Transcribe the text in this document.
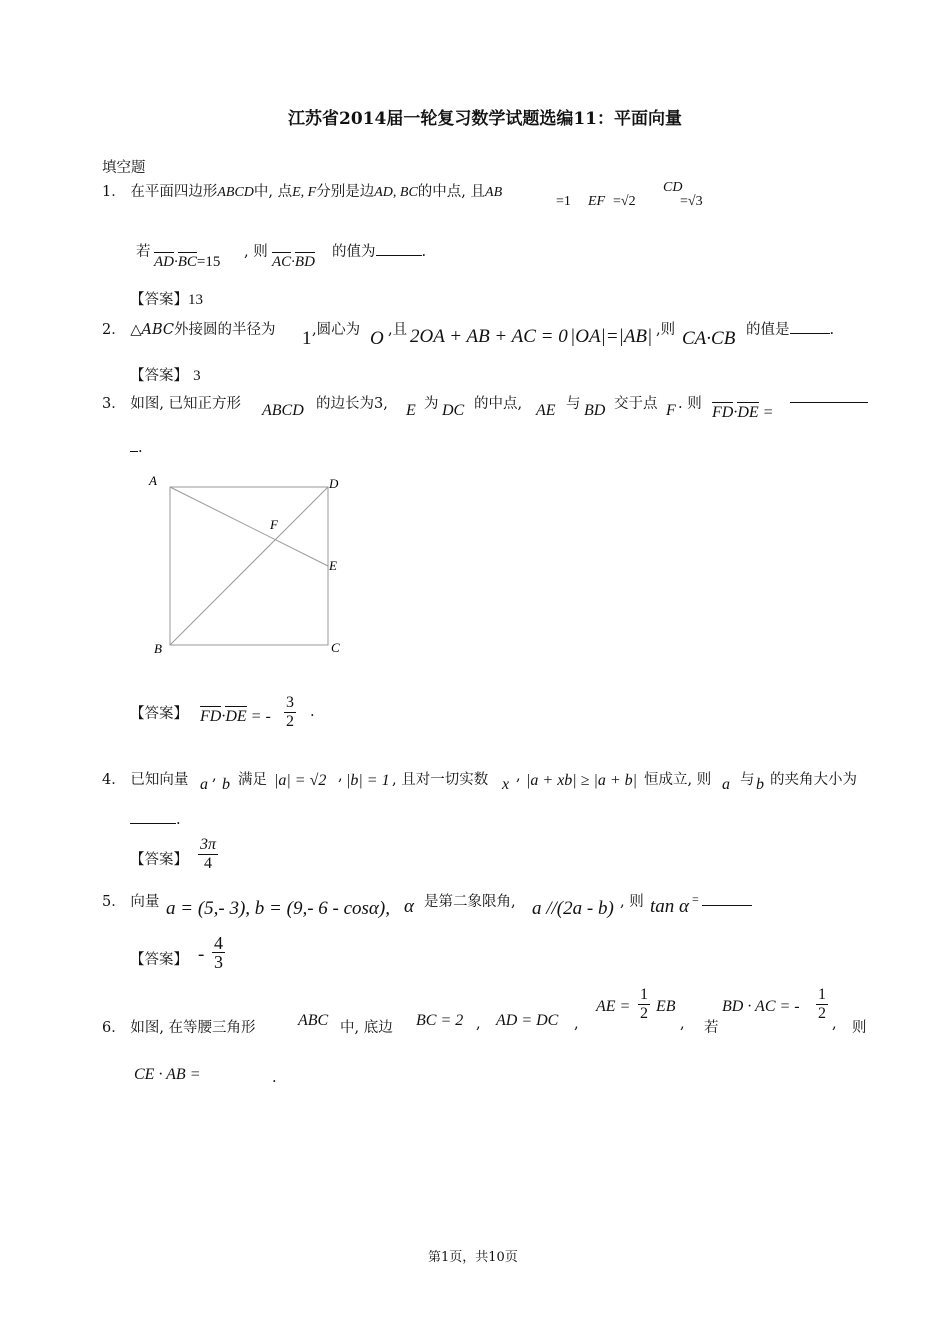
江苏省2014届一轮复习数学试题选编11：平面向量
填空题
1． 在平面四边形ABCD中, 点E, F分别是边AD, BC的中点, 且AB
=1 EF =√2
CD
=√3
若
AD·BC=15
, 则
AC·BD
的值为	.
【答案】13
2． △ABC外接圆的半径为 1 ,圆心为 O ,且 2OA + AB + AC = 0 |OA|=|AB| ,则 CA·CB 的值是	.
【答案】 3
3． 如图, 已知正方形 ABCD 的边长为3, E 为 DC 的中点, AE 与 BD 交于点 F . 则 FD·DE =
.
A	D
F
E
B	C
【答案】 FD·DE = - $\frac{3}{2}$ .
4． 已知向量 a , b 满足 |a| = √2 , |b| = 1 , 且对一切实数 x , |a + xb| ≥ |a + b| 恒成立, 则 a 与 b 的夹角大小为
.
【答案】 $\frac{3\pi}{4}$
5． 向量 a = (5,- 3), b = (9,- 6 - cosα), α 是第二象限角, a //(2a - b) , 则 tan α =
【答案】 - $\frac{4}{3}$
6． 如图, 在等腰三角形	ABC 中, 底边 BC = 2 , AD = DC ,
AE = $\frac{1}{2}$ EB
, 若
BD · AC = - $\frac{1}{2}$
, 则
CE · AB =	.
第1页，共10页
